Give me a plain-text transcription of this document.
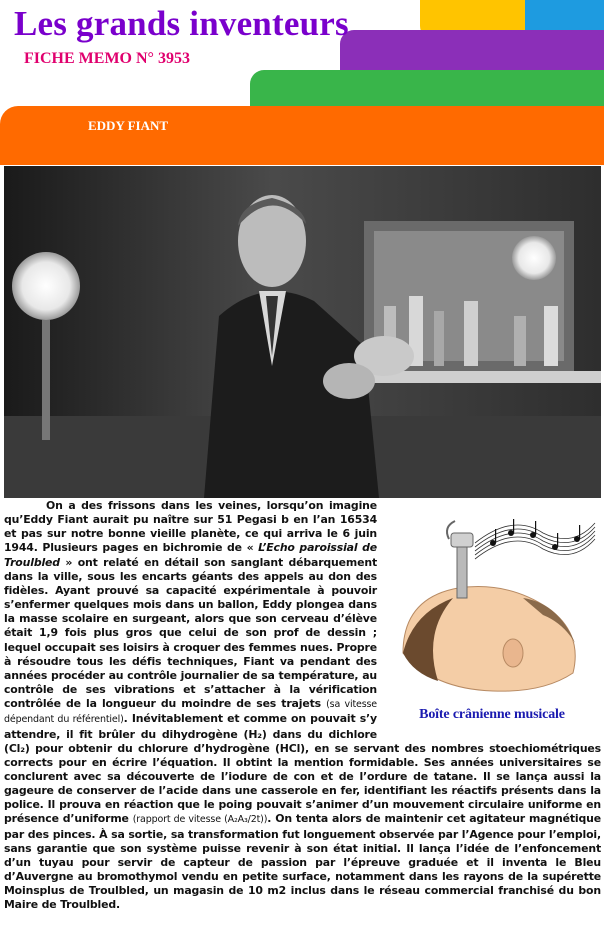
Les grands inventeurs
FICHE MEMO N° 3953
EDDY FIANT
Boîte crânienne musicale

On a des frissons dans les veines, lorsqu’on imagine qu’Eddy Fiant aurait pu naître sur 51 Pegasi b en l’an 16534 et pas sur notre bonne vieille planète, ce qui arriva le 6 juin 1944. Plusieurs pages en bichromie de « L’Echo paroissial de Troulbled » ont relaté en détail son sanglant débarquement dans la ville, sous les encarts géants des appels au don des fidèles. Ayant prouvé sa capacité expérimentale à pouvoir s’enfermer quelques mois dans un ballon, Eddy plongea dans la masse scolaire en surgeant, alors que son cerveau d’élève était 1,9 fois plus gros que celui de son prof de dessin ; lequel occupait ses loisirs à croquer des femmes nues. Propre à résoudre tous les défis techniques, Fiant va pendant des années procéder au contrôle journalier de sa température, au contrôle de ses vibrations et s’attacher à la vérification contrôlée de la longueur du moindre de ses trajets (sa vitesse dépendant du référentiel). Inévitablement et comme on pouvait s’y attendre, il fit brûler du dihydrogène (H₂) dans du dichlore (Cl₂) pour obtenir du chlorure d’hydrogène (HCl), en se servant des nombres stoechiométriques corrects pour en écrire l’équation. Il obtint la mention formidable. Ses années universitaires se conclurent avec sa découverte de l’iodure de con et de l’ordure de tatane. Il se lança aussi la gageure de conserver de l’acide dans une casserole en fer, identifiant les réactifs présents dans la police. Il prouva en réaction que le poing pouvait s’animer d’un mouvement circulaire uniforme en présence d’uniforme (rapport de vitesse (A₂A₃/2t)). On tenta alors de maintenir cet agitateur magnétique par des pinces. À sa sortie, sa transformation fut longuement observée par l’Agence pour l’emploi, sans garantie que son système puisse revenir à son état initial. Il lança l’idée de l’enfoncement d’un tuyau pour servir de capteur de passion par l’épreuve graduée et il inventa le Bleu d’Auvergne au bromothymol vendu en petite surface, notamment dans les rayons de la supérette Moinsplus de Troulbled, un magasin de 10 m2 inclus dans le réseau commercial franchisé du bon Maire de Troulbled.
